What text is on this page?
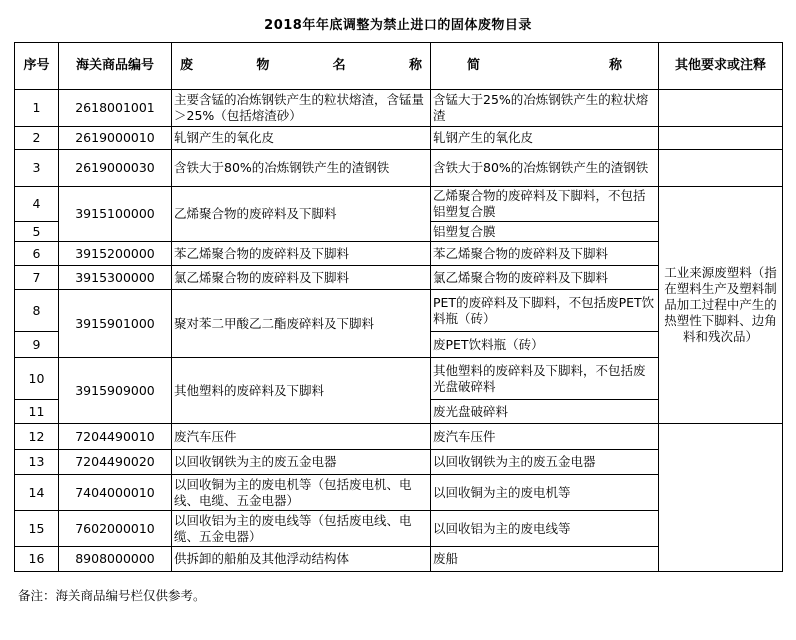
2018年年底调整为禁止进口的固体废物目录
序号	海关商品编号	废 物 名 称	简 称	其他要求或注释
1	2618001001	主要含锰的冶炼钢铁产生的粒状熔渣，含锰量＞25%（包括熔渣砂）	含锰大于25%的冶炼钢铁产生的粒状熔渣	
2	2619000010	轧钢产生的氧化皮	轧钢产生的氧化皮	
3	2619000030	含铁大于80%的冶炼钢铁产生的渣钢铁	含铁大于80%的冶炼钢铁产生的渣钢铁	
4	3915100000	乙烯聚合物的废碎料及下脚料	乙烯聚合物的废碎料及下脚料，不包括铝塑复合膜	工业来源废塑料（指在塑料生产及塑料制品加工过程中产生的热塑性下脚料、边角料和残次品）
5			铝塑复合膜	
6	3915200000	苯乙烯聚合物的废碎料及下脚料	苯乙烯聚合物的废碎料及下脚料	
7	3915300000	氯乙烯聚合物的废碎料及下脚料	氯乙烯聚合物的废碎料及下脚料	
8	3915901000	聚对苯二甲酸乙二酯废碎料及下脚料	PET的废碎料及下脚料，不包括废PET饮料瓶（砖）	
9			废PET饮料瓶（砖）	
10	3915909000	其他塑料的废碎料及下脚料	其他塑料的废碎料及下脚料，不包括废光盘破碎料	
11			废光盘破碎料	
12	7204490010	废汽车压件	废汽车压件	
13	7204490020	以回收钢铁为主的废五金电器	以回收钢铁为主的废五金电器	
14	7404000010	以回收铜为主的废电机等（包括废电机、电线、电缆、五金电器）	以回收铜为主的废电机等	
15	7602000010	以回收铝为主的废电线等（包括废电线、电缆、五金电器）	以回收铝为主的废电线等	
16	8908000000	供拆卸的船舶及其他浮动结构体	废船	
备注：海关商品编号栏仅供参考。
